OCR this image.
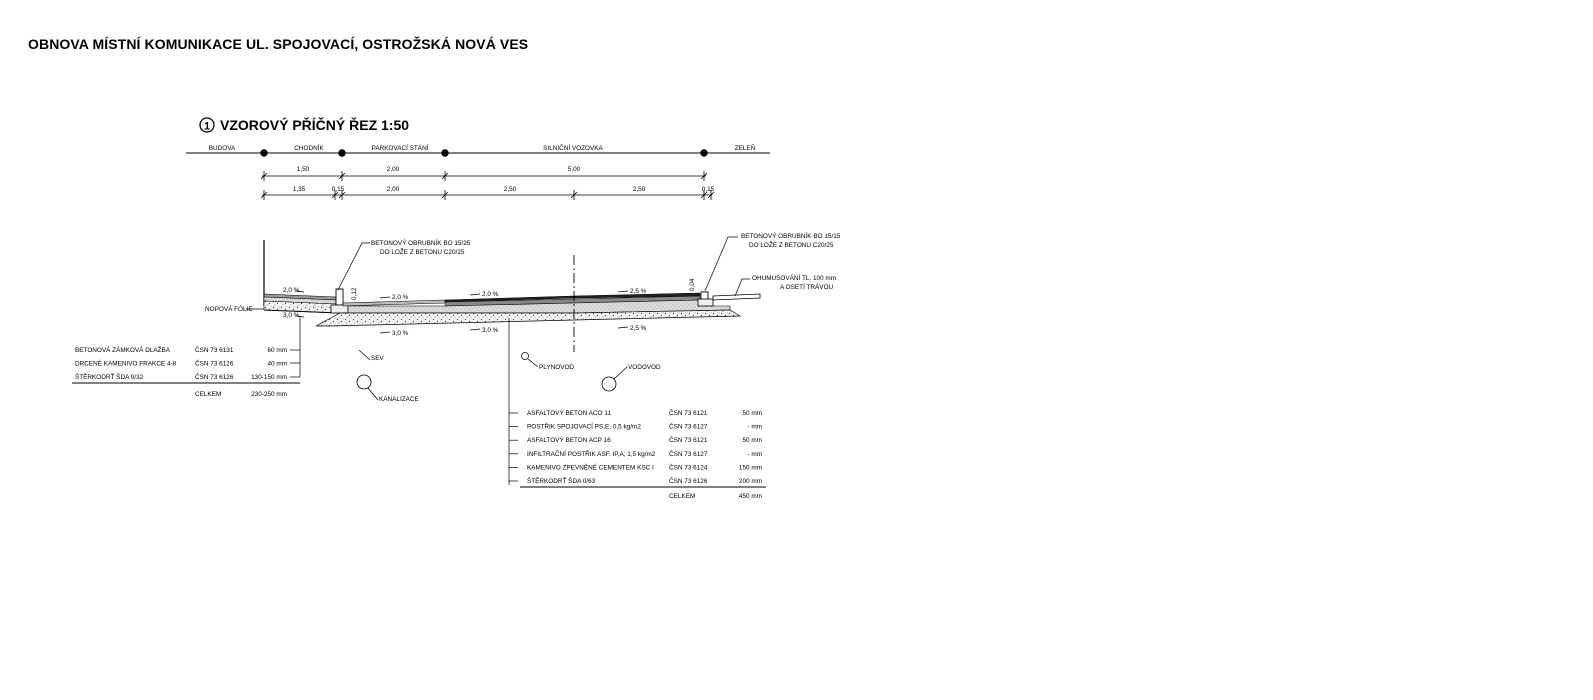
OBNOVA MÍSTNÍ KOMUNIKACE UL. SPOJOVACÍ, OSTROŽSKÁ NOVÁ VES
1 VZOROVÝ PŘÍČNÝ ŘEZ 1:50
BUDOVA	CHODNÍK	PARKOVACÍ STÁNÍ	SILNIČNÍ VOZOVKA	ZELEŇ
1,50	2,00	5,00
1,35	0,15	2,00	2,50	2,50	0,15
2,0 %
3,0 %
2,0 %	2,0 %	2,5 %
3,0 %	3,0 %	2,5 %
0,12
0,04
BETONOVÝ OBRUBNÍK BO 15/25
DO LOŽE Z BETONU C20/25
BETONOVÝ OBRUBNÍK BO 15/15
DO LOŽE Z BETONU C20/25
OHUMUSOVÁNÍ TL. 100 mm
A OSETÍ TRÁVOU
NOPOVÁ FÓLIE
SEV
KANALIZACE
PLYNOVOD	VODOVOD
BETONOVÁ ZÁMKOVÁ DLAŽBA	ČSN 73 6131	60 mm
DRCENÉ KAMENIVO FRAKCE 4-8	ČSN 73 6126	40 mm
ŠTĚRKODRŤ ŠDA 0/32	ČSN 73 6126	130-150 mm
CELKEM	230-250 mm
ASFALTOVÝ BETON ACO 11	ČSN 73 6121	50 mm
POSTŘIK SPOJOVACÍ PS,E; 0,5 kg/m2	ČSN 73 6127	- mm
ASFALTOVÝ BETON ACP 16	ČSN 73 6121	50 mm
INFILTRAČNÍ POSTŘIK ASF. IP,A; 1,5 kg/m2 ČSN 73 6127	- mm
KAMENIVO ZPEVNĚNÉ CEMENTEM KSC I ČSN 73 6124	150 mm
ŠTĚRKODRŤ ŠDA 0/63	ČSN 73 6126	200 mm
CELKEM	450 mm
